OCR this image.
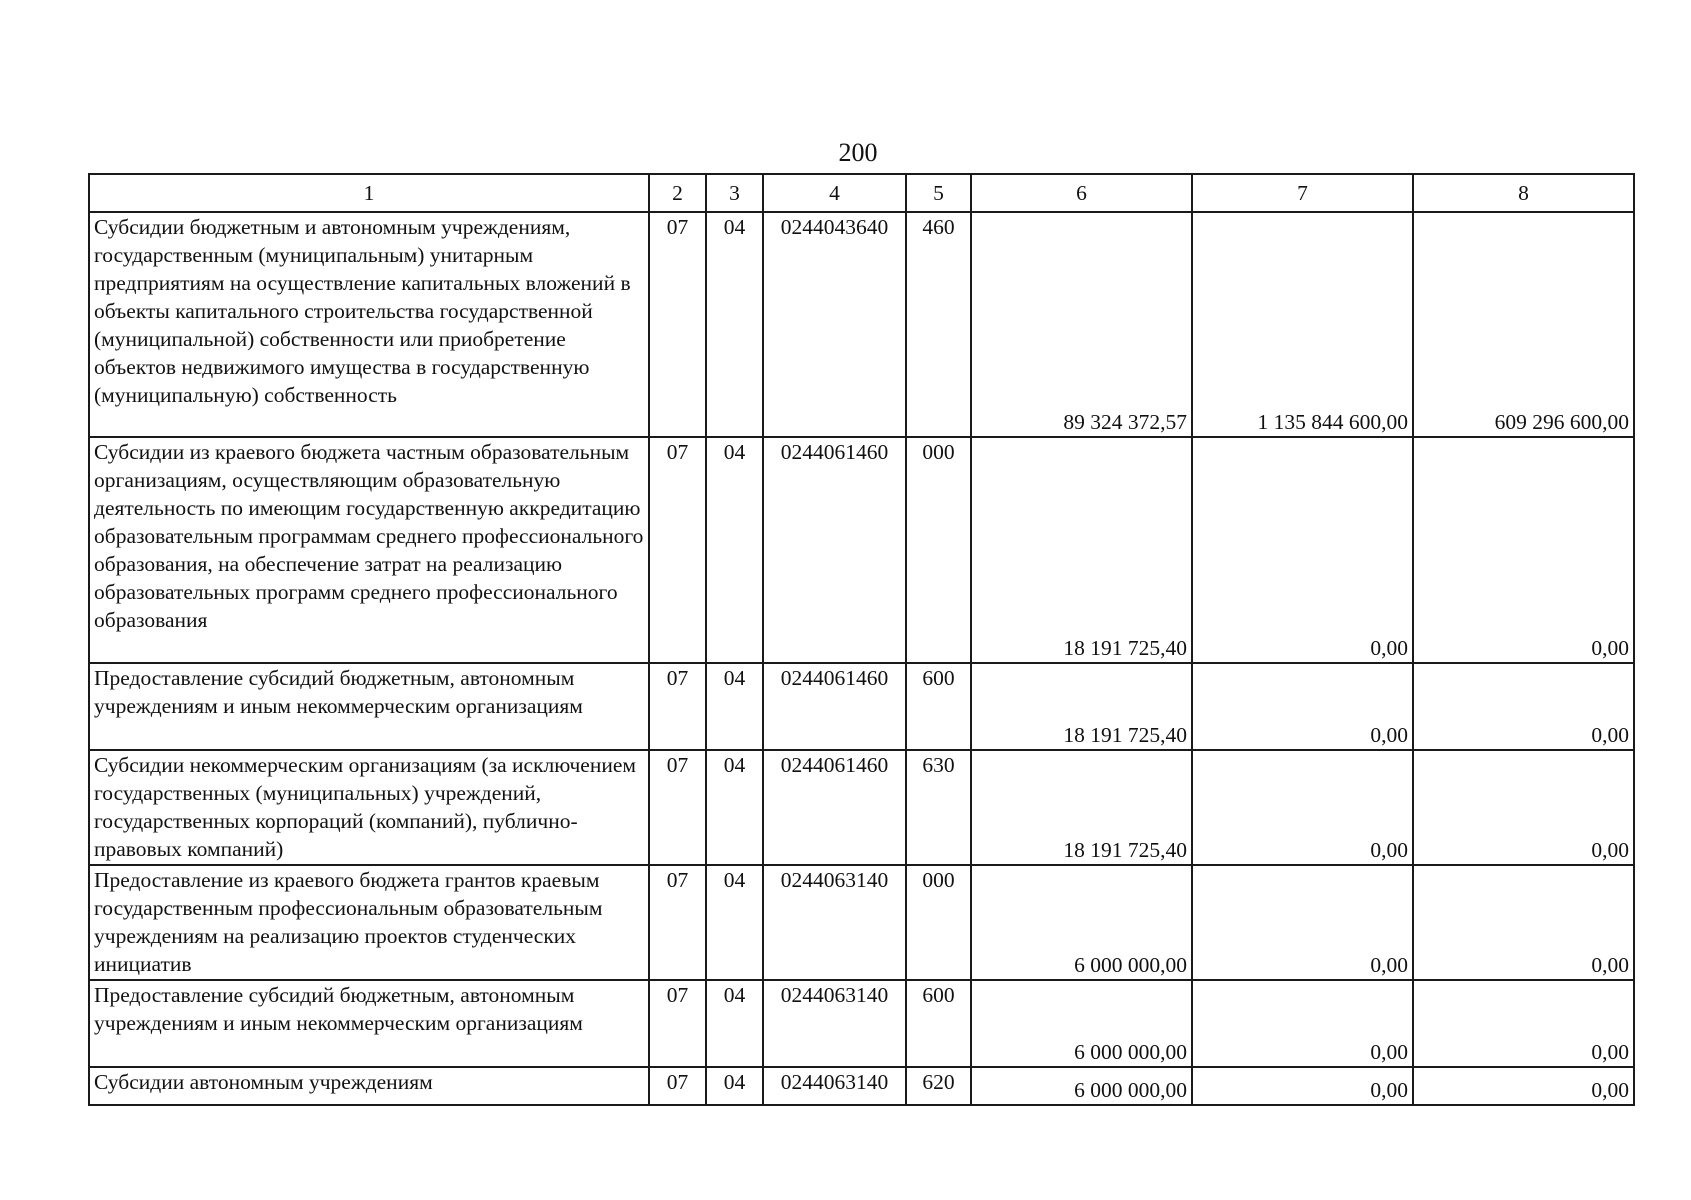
200
1	2	3	4	5	6	7	8
Субсидии бюджетным и автономным учреждениям, государственным (муниципальным) унитарным предприятиям на осуществление капитальных вложений в объекты капитального строительства государственной (муниципальной) собственности или приобретение объектов недвижимого имущества в государственную (муниципальную) собственность	07	04	0244043640	460	89 324 372,57	1 135 844 600,00	609 296 600,00
Субсидии из краевого бюджета частным образовательным организациям, осуществляющим образовательную деятельность по имеющим государственную аккредитацию образовательным программам среднего профессионального образования, на обеспечение затрат на реализацию образовательных программ среднего профессионального образования	07	04	0244061460	000	18 191 725,40	0,00	0,00
Предоставление субсидий бюджетным, автономным учреждениям и иным некоммерческим организациям	07	04	0244061460	600	18 191 725,40	0,00	0,00
Субсидии некоммерческим организациям (за исключением государственных (муниципальных) учреждений, государственных корпораций (компаний), публично-правовых компаний)	07	04	0244061460	630	18 191 725,40	0,00	0,00
Предоставление из краевого бюджета грантов краевым государственным профессиональным образовательным учреждениям на реализацию проектов студенческих инициатив	07	04	0244063140	000	6 000 000,00	0,00	0,00
Предоставление субсидий бюджетным, автономным учреждениям и иным некоммерческим организациям	07	04	0244063140	600	6 000 000,00	0,00	0,00
Субсидии автономным учреждениям	07	04	0244063140	620	6 000 000,00	0,00	0,00
